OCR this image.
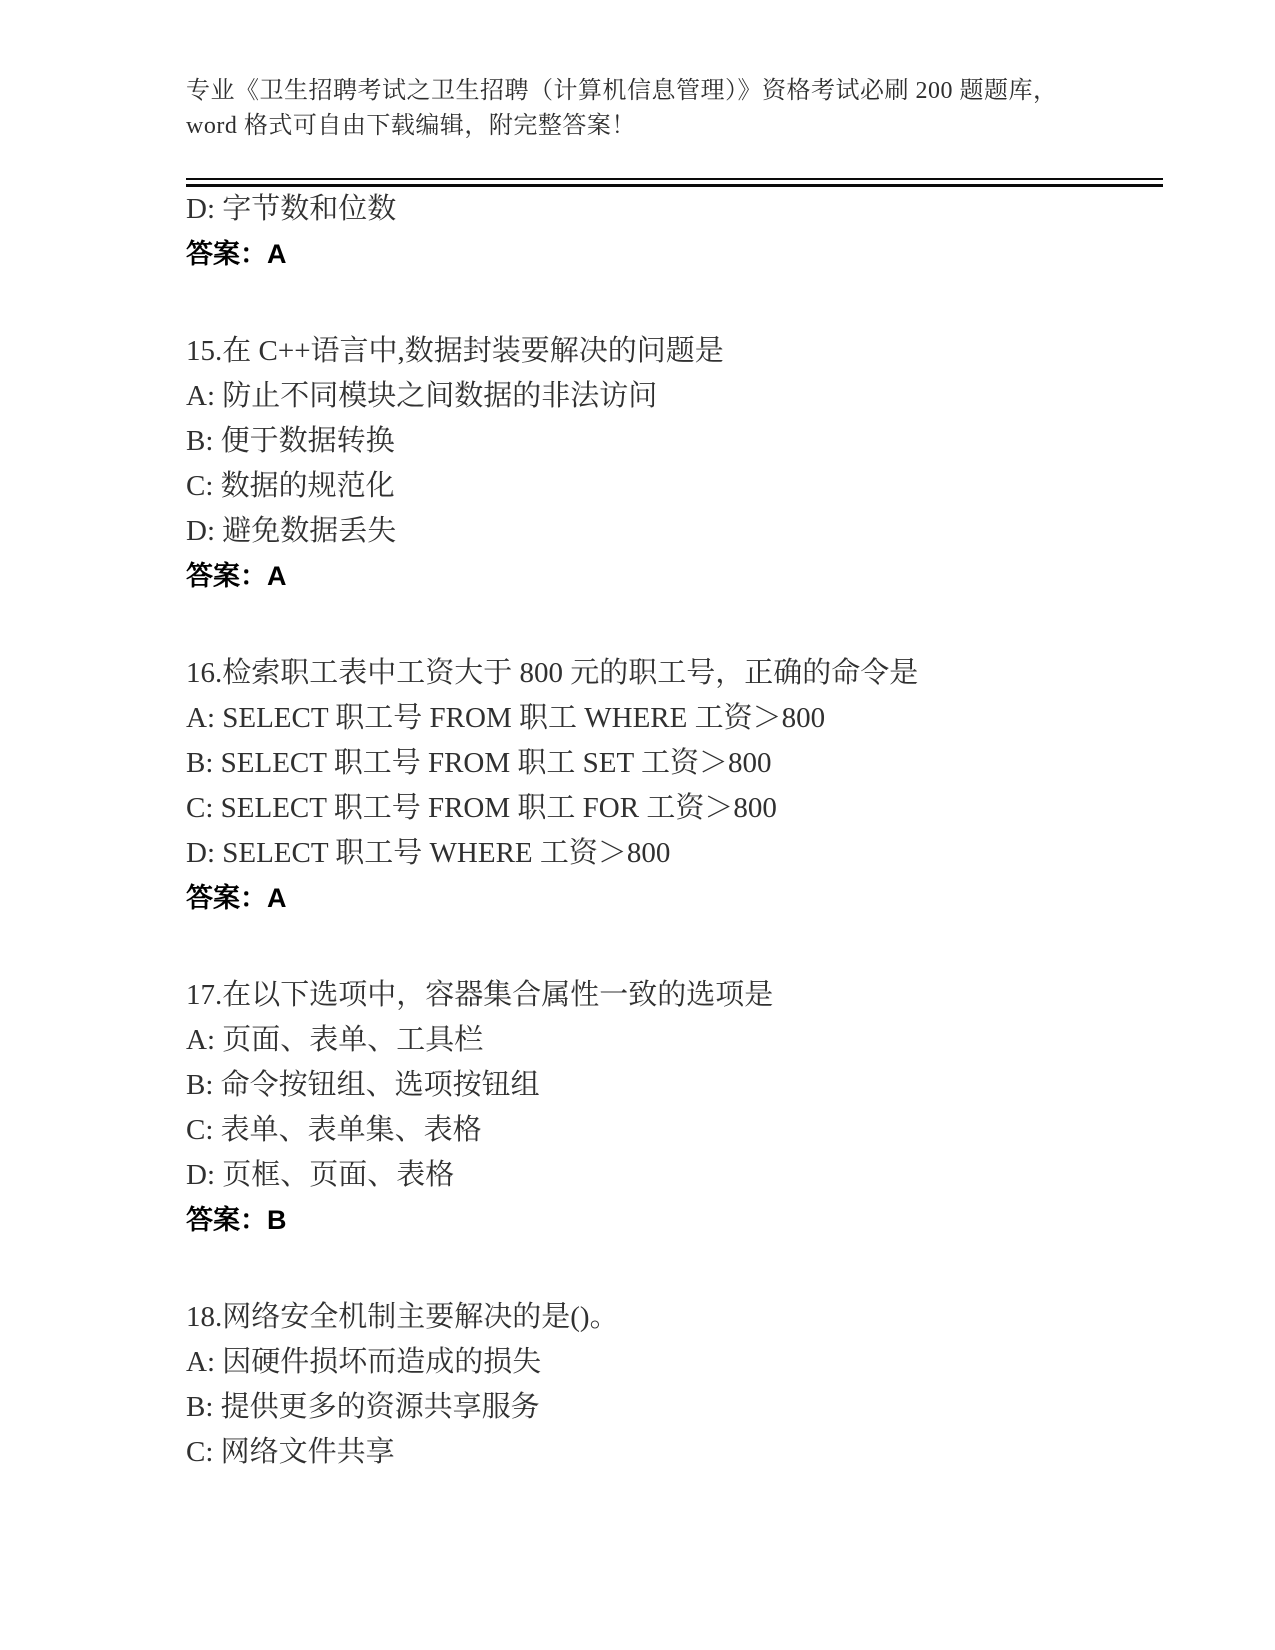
专业《卫生招聘考试之卫生招聘（计算机信息管理）》资格考试必刷 200 题题库，

word 格式可自由下载编辑，附完整答案！

D: 字节数和位数

答案：A

15.在 C++语言中,数据封装要解决的问题是

A: 防止不同模块之间数据的非法访问

B: 便于数据转换

C: 数据的规范化

D: 避免数据丢失

答案：A

16.检索职工表中工资大于 800 元的职工号，正确的命令是

A: SELECT 职工号 FROM 职工 WHERE 工资＞800

B: SELECT 职工号 FROM 职工 SET 工资＞800

C: SELECT 职工号 FROM 职工 FOR 工资＞800

D: SELECT 职工号 WHERE 工资＞800

答案：A

17.在以下选项中，容器集合属性一致的选项是

A: 页面、表单、工具栏

B: 命令按钮组、选项按钮组

C: 表单、表单集、表格

D: 页框、页面、表格

答案：B

18.网络安全机制主要解决的是()。

A: 因硬件损坏而造成的损失

B: 提供更多的资源共享服务

C: 网络文件共享
